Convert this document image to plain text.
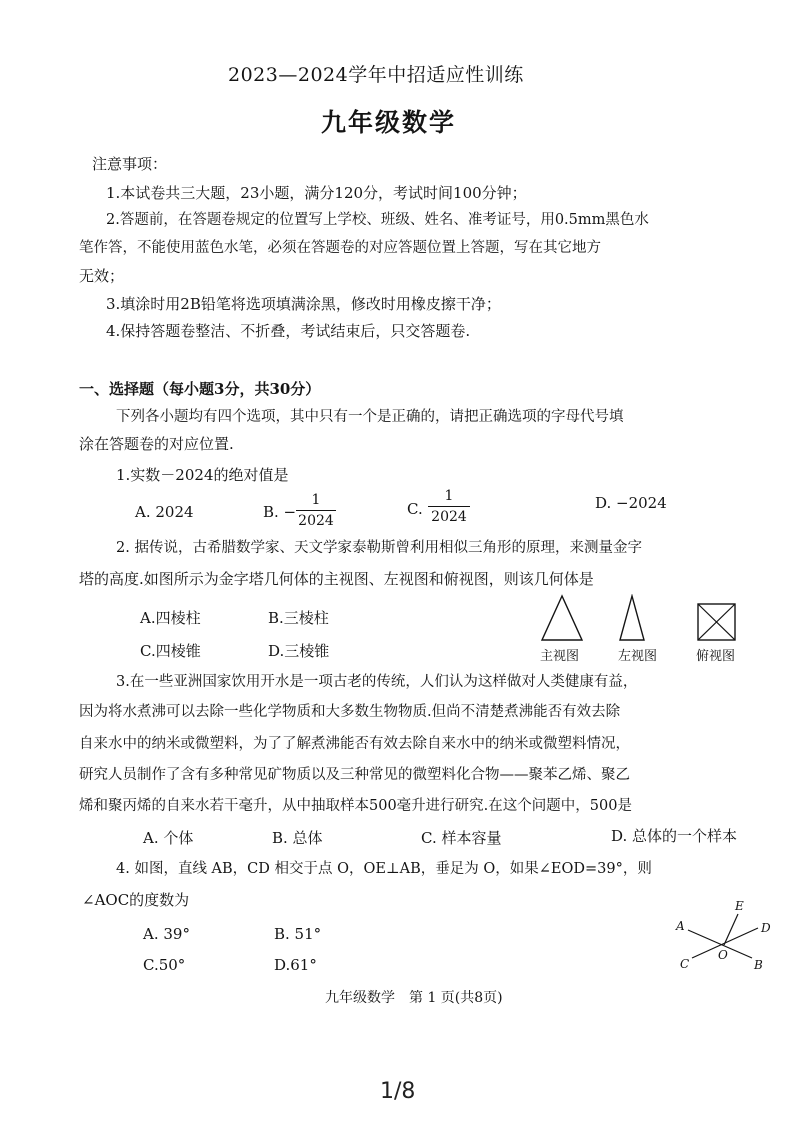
2023—2024学年中招适应性训练
九年级数学
注意事项：
1.本试卷共三大题，23小题，满分120分，考试时间100分钟；
2.答题前，在答题卷规定的位置写上学校、班级、姓名、准考证号，用0.5mm黑色水
笔作答，不能使用蓝色水笔，必须在答题卷的对应答题位置上答题，写在其它地方
无效；
3.填涂时用2B铅笔将选项填满涂黑，修改时用橡皮擦干净；
4.保持答题卷整洁、不折叠，考试结束后，只交答题卷.
一、选择题（每小题3分，共30分）
下列各小题均有四个选项，其中只有一个是正确的，请把正确选项的字母代号填
涂在答题卷的对应位置.
1.实数－2024的绝对值是
A. 2024	B. −
1
2024
C.
1
2024
D. −2024
2. 据传说，古希腊数学家、天文学家泰勒斯曾利用相似三角形的原理，来测量金字
塔的高度.如图所示为金字塔几何体的主视图、左视图和俯视图，则该几何体是
A.四棱柱	B.三棱柱
C.四棱锥	D.三棱锥	主视图	左视图	俯视图
3.在一些亚洲国家饮用开水是一项古老的传统，人们认为这样做对人类健康有益，
因为将水煮沸可以去除一些化学物质和大多数生物物质.但尚不清楚煮沸能否有效去除
自来水中的纳米或微塑料，为了了解煮沸能否有效去除自来水中的纳米或微塑料情况，
研究人员制作了含有多种常见矿物质以及三种常见的微塑料化合物——聚苯乙烯、聚乙
烯和聚丙烯的自来水若干毫升，从中抽取样本500毫升进行研究.在这个问题中，500是
A. 个体	B. 总体	C. 样本容量	D. 总体的一个样本
4. 如图，直线 AB，CD 相交于点 O，OE⊥AB，垂足为 O，如果∠EOD=39°，则
∠AOC的度数为
A. 39°	B. 51°
C.50°	D.61°
A
B
C
D
E
O
九年级数学　第 1 页(共8页)
1/8
